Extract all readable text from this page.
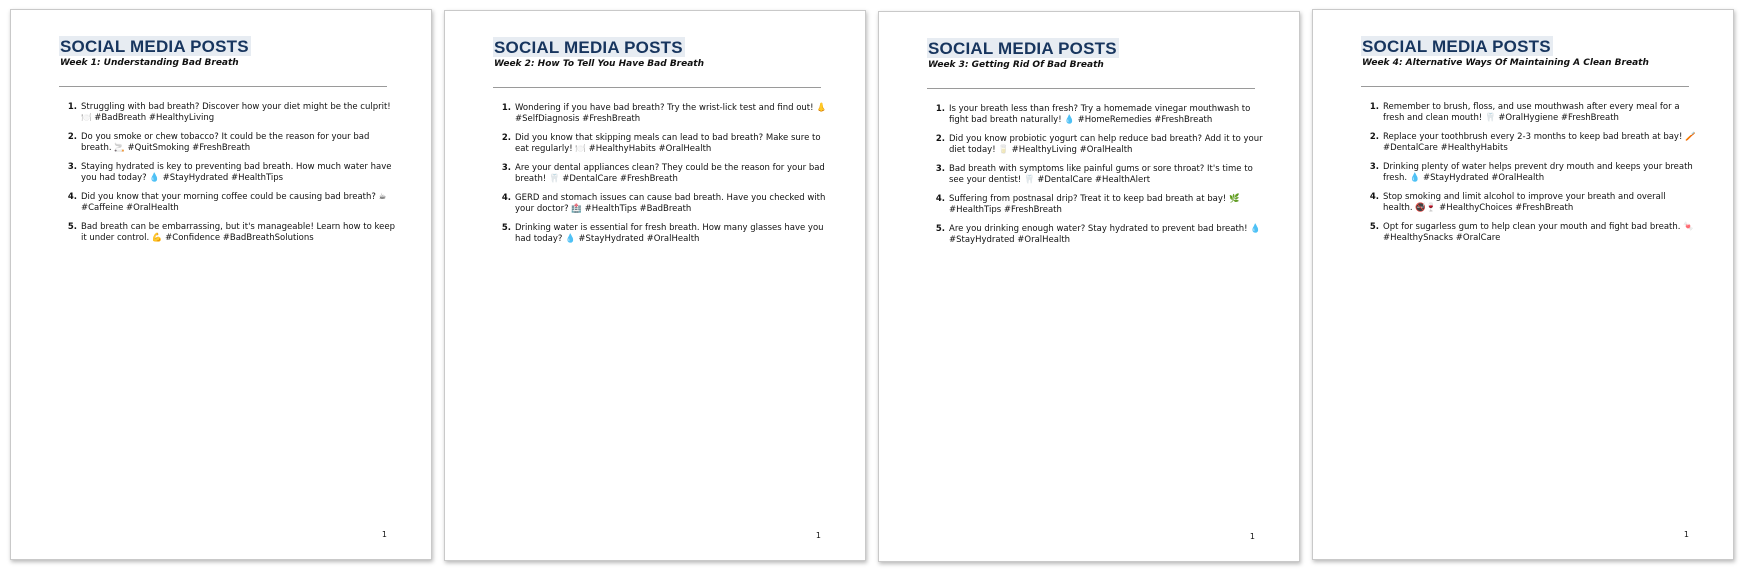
SOCIAL MEDIA POSTS
Week 1: Understanding Bad Breath
1. Struggling with bad breath? Discover how your diet might be the culprit! 🍽️ #BadBreath #HealthyLiving
2. Do you smoke or chew tobacco? It could be the reason for your bad breath. 🚬 #QuitSmoking #FreshBreath
3. Staying hydrated is key to preventing bad breath. How much water have you had today? 💧 #StayHydrated #HealthTips
4. Did you know that your morning coffee could be causing bad breath? ☕ #Caffeine #OralHealth
5. Bad breath can be embarrassing, but it's manageable! Learn how to keep it under control. 💪 #Confidence #BadBreathSolutions
1
SOCIAL MEDIA POSTS
Week 2: How To Tell You Have Bad Breath
1. Wondering if you have bad breath? Try the wrist-lick test and find out! 👃 #SelfDiagnosis #FreshBreath
2. Did you know that skipping meals can lead to bad breath? Make sure to eat regularly! 🍽️ #HealthyHabits #OralHealth
3. Are your dental appliances clean? They could be the reason for your bad breath! 🦷 #DentalCare #FreshBreath
4. GERD and stomach issues can cause bad breath. Have you checked with your doctor? 🏥 #HealthTips #BadBreath
5. Drinking water is essential for fresh breath. How many glasses have you had today? 💧 #StayHydrated #OralHealth
1
SOCIAL MEDIA POSTS
Week 3: Getting Rid Of Bad Breath
1. Is your breath less than fresh? Try a homemade vinegar mouthwash to fight bad breath naturally! 💧 #HomeRemedies #FreshBreath
2. Did you know probiotic yogurt can help reduce bad breath? Add it to your diet today! 🥛 #HealthyLiving #OralHealth
3. Bad breath with symptoms like painful gums or sore throat? It's time to see your dentist! 🦷 #DentalCare #HealthAlert
4. Suffering from postnasal drip? Treat it to keep bad breath at bay! 🌿 #HealthTips #FreshBreath
5. Are you drinking enough water? Stay hydrated to prevent bad breath! 💧 #StayHydrated #OralHealth
1
SOCIAL MEDIA POSTS
Week 4: Alternative Ways Of Maintaining A Clean Breath
1. Remember to brush, floss, and use mouthwash after every meal for a fresh and clean mouth! 🦷 #OralHygiene #FreshBreath
2. Replace your toothbrush every 2-3 months to keep bad breath at bay! 🪥 #DentalCare #HealthyHabits
3. Drinking plenty of water helps prevent dry mouth and keeps your breath fresh. 💧 #StayHydrated #OralHealth
4. Stop smoking and limit alcohol to improve your breath and overall health. 🚭🍷 #HealthyChoices #FreshBreath
5. Opt for sugarless gum to help clean your mouth and fight bad breath. 🍬 #HealthySnacks #OralCare
1
